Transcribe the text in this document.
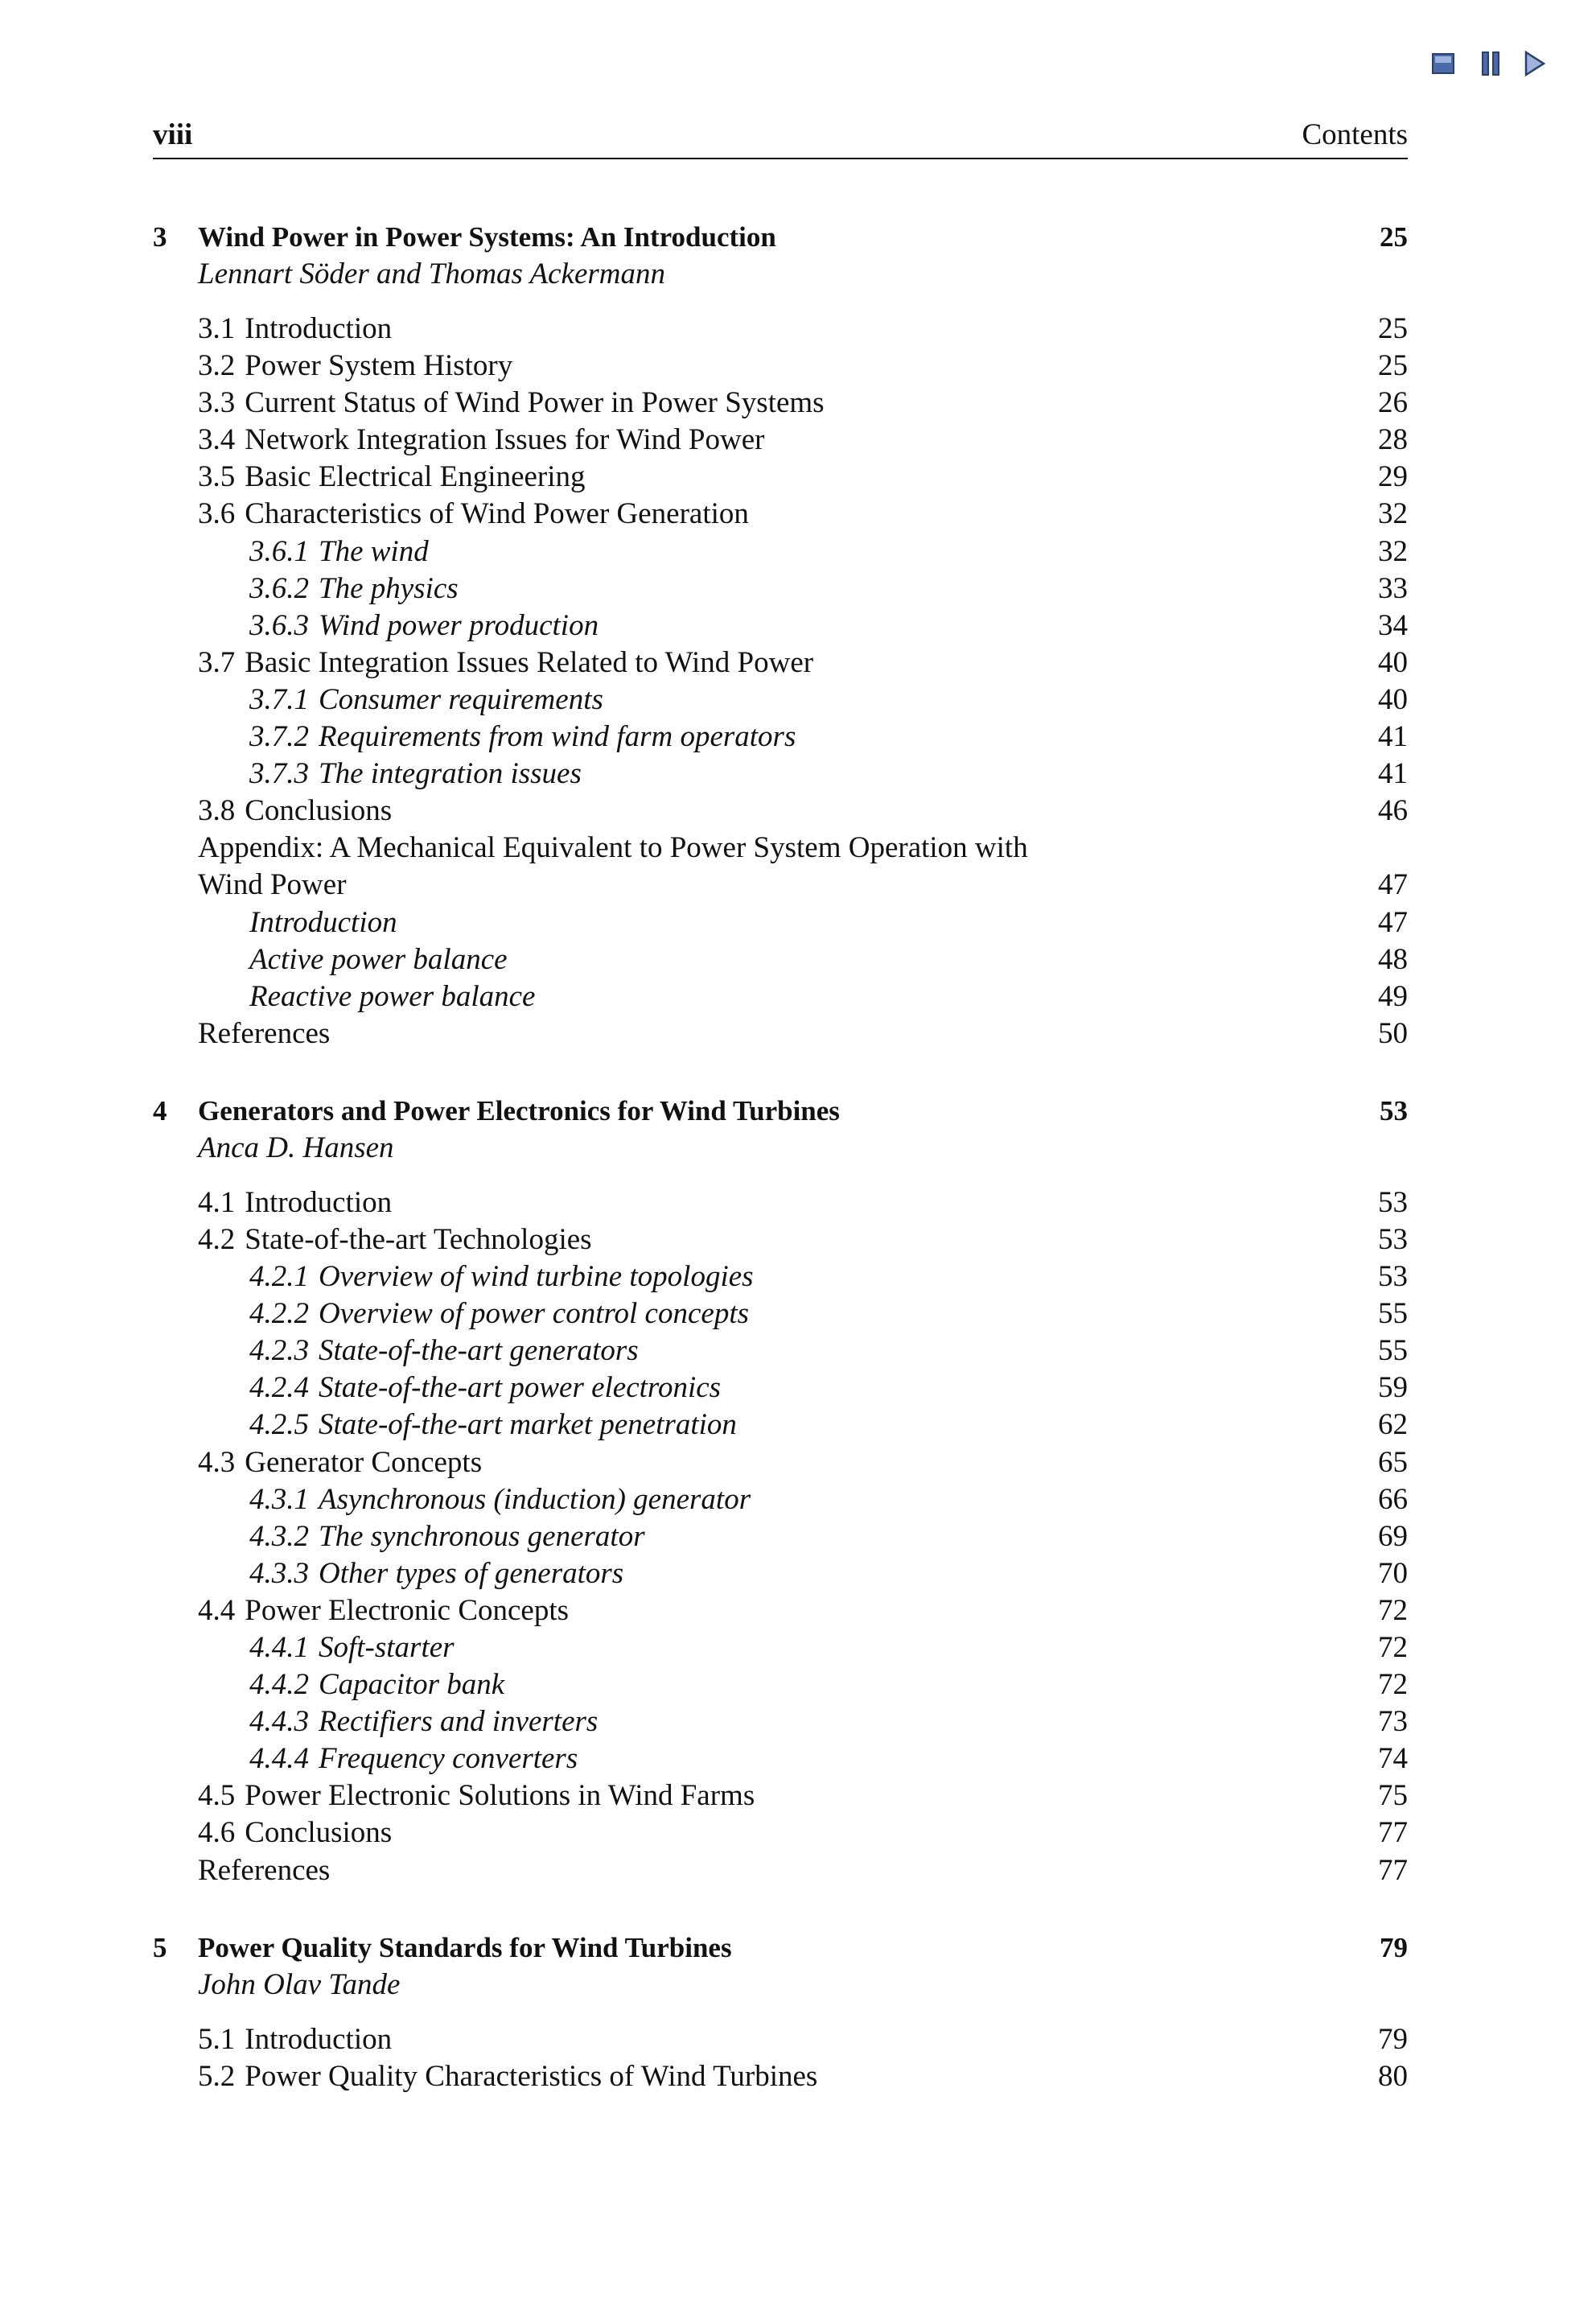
viii	Contents
3 Wind Power in Power Systems: An Introduction	25
Lennart Söder and Thomas Ackermann
3.1 Introduction	25
3.2 Power System History	25
3.3 Current Status of Wind Power in Power Systems	26
3.4 Network Integration Issues for Wind Power	28
3.5 Basic Electrical Engineering	29
3.6 Characteristics of Wind Power Generation	32
3.6.1 The wind	32
3.6.2 The physics	33
3.6.3 Wind power production	34
3.7 Basic Integration Issues Related to Wind Power	40
3.7.1 Consumer requirements	40
3.7.2 Requirements from wind farm operators	41
3.7.3 The integration issues	41
3.8 Conclusions	46
Appendix: A Mechanical Equivalent to Power System Operation with
Wind Power	47
Introduction	47
Active power balance	48
Reactive power balance	49
References	50
4 Generators and Power Electronics for Wind Turbines	53
Anca D. Hansen
4.1 Introduction	53
4.2 State-of-the-art Technologies	53
4.2.1 Overview of wind turbine topologies	53
4.2.2 Overview of power control concepts	55
4.2.3 State-of-the-art generators	55
4.2.4 State-of-the-art power electronics	59
4.2.5 State-of-the-art market penetration	62
4.3 Generator Concepts	65
4.3.1 Asynchronous (induction) generator	66
4.3.2 The synchronous generator	69
4.3.3 Other types of generators	70
4.4 Power Electronic Concepts	72
4.4.1 Soft-starter	72
4.4.2 Capacitor bank	72
4.4.3 Rectifiers and inverters	73
4.4.4 Frequency converters	74
4.5 Power Electronic Solutions in Wind Farms	75
4.6 Conclusions	77
References	77
5 Power Quality Standards for Wind Turbines	79
John Olav Tande
5.1 Introduction	79
5.2 Power Quality Characteristics of Wind Turbines	80
